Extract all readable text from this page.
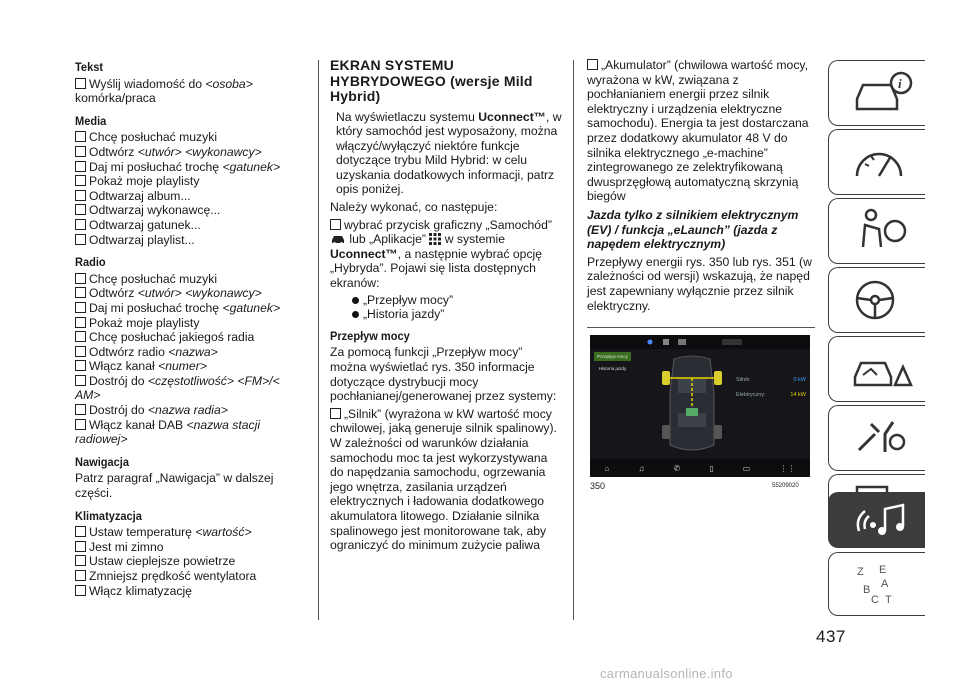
Tekst

Wyślij wiadomość do <osoba> komórka/praca

Media

Chcę posłuchać muzyki

Odtwórz <utwór> <wykonawcy>

Daj mi posłuchać trochę <gatunek>

Pokaż moje playlisty

Odtwarzaj album...

Odtwarzaj wykonawcę...

Odtwarzaj gatunek...

Odtwarzaj playlist...

Radio

Chcę posłuchać muzyki

Odtwórz <utwór> <wykonawcy>

Daj mi posłuchać trochę <gatunek>

Pokaż moje playlisty

Chcę posłuchać jakiegoś radia

Odtwórz radio <nazwa>

Włącz kanał <numer>

Dostrój do <częstotliwość> <FM>/< AM>

Dostrój do <nazwa radia>

Włącz kanał DAB <nazwa stacji radiowej>

Nawigacja

Patrz paragraf „Nawigacja” w dalszej części.

Klimatyzacja

Ustaw temperaturę <wartość>

Jest mi zimno

Ustaw cieplejsze powietrze

Zmniejsz prędkość wentylatora

Włącz klimatyzację

EKRAN SYSTEMU HYBRYDOWEGO (wersje Mild Hybrid)

Na wyświetlaczu systemu Uconnect™, w który samochód jest wyposażony, można włączyć/wyłączyć niektóre funkcje dotyczące trybu Mild Hybrid: w celu uzyskania dodatkowych informacji, patrz opis poniżej.

Należy wykonać, co następuje:

wybrać przycisk graficzny „Samochód”  lub „Aplikacje” w systemie Uconnect™, a następnie wybrać opcję „Hybryda”. Pojawi się lista dostępnych ekranów:

„Przepływ mocy”

„Historia jazdy”

Przepływ mocy

Za pomocą funkcji „Przepływ mocy” można wyświetlać rys. 350 informacje dotyczące dystrybucji mocy pochłanianej/generowanej przez systemy:

„Silnik” (wyrażona w kW wartość mocy chwilowej, jaką generuje silnik spalinowy). W zależności od warunków działania samochodu moc ta jest wykorzystywana do napędzania samochodu, ogrzewania jego wnętrza, zasilania urządzeń elektrycznych i ładowania dodatkowego akumulatora litowego. Działanie silnika spalinowego jest monitorowane tak, aby ograniczyć do minimum zużycie paliwa

„Akumulator” (chwilowa wartość mocy, wyrażona w kW, związana z pochłanianiem energii przez silnik elektryczny i urządzenia elektryczne samochodu). Energia ta jest dostarczana przez dodatkowy akumulator 48 V do silnika elektrycznego „e-machine” zintegrowanego ze zelektryfikowaną dwusprzęgłową automatyczną skrzynią biegów

Jazda tylko z silnikiem elektrycznym (EV) / funkcja „eLaunch” (jazda z napędem elektrycznym)

Przepływy energii rys. 350 lub rys. 351 (w zależności od wersji) wskazują, że napęd jest zapewniany wyłącznie przez silnik elektryczny.

Przepływ mocy
Historia jazdy
Silnik:	0 kW
Elektryczny:	14 kW
⌂	♫	✆	▯	▭	⋮⋮
350	55209020
i
Z E
A
B
C T
437
carmanualsonline.info
